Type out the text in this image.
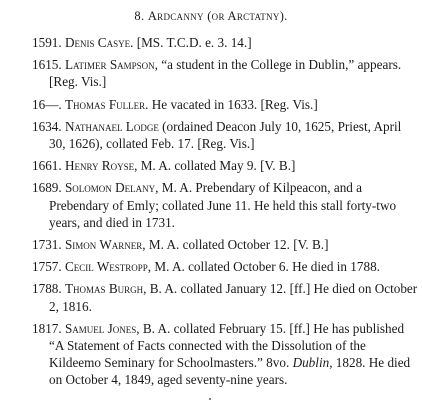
8. Ardcanny (or Arctatny).
1591. Denis Casye. [MS. T.C.D. e. 3. 14.]
1615. Latimer Sampson, “a student in the College in Dublin,” appears. [Reg. Vis.]
16—. Thomas Fuller. He vacated in 1633. [Reg. Vis.]
1634. Nathanael Lodge (ordained Deacon July 10, 1625, Priest, April 30, 1626), collated Feb. 17. [Reg. Vis.]
1661. Henry Royse, M. A. collated May 9. [V. B.]
1689. Solomon Delany, M. A. Prebendary of Kilpeacon, and a Prebendary of Emly; collated June 11. He held this stall forty-two years, and died in 1731.
1731. Simon Warner, M. A. collated October 12. [V. B.]
1757. Cecil Westropp, M. A. collated October 6. He died in 1788.
1788. Thomas Burgh, B. A. collated January 12. [ff.] He died on October 2, 1816.
1817. Samuel Jones, B. A. collated February 15. [ff.] He has published “A Statement of Facts connected with the Dissolution of the Kildeemo Seminary for Schoolmasters.” 8vo. Dublin, 1828. He died on October 4, 1849, aged seventy-nine years.
